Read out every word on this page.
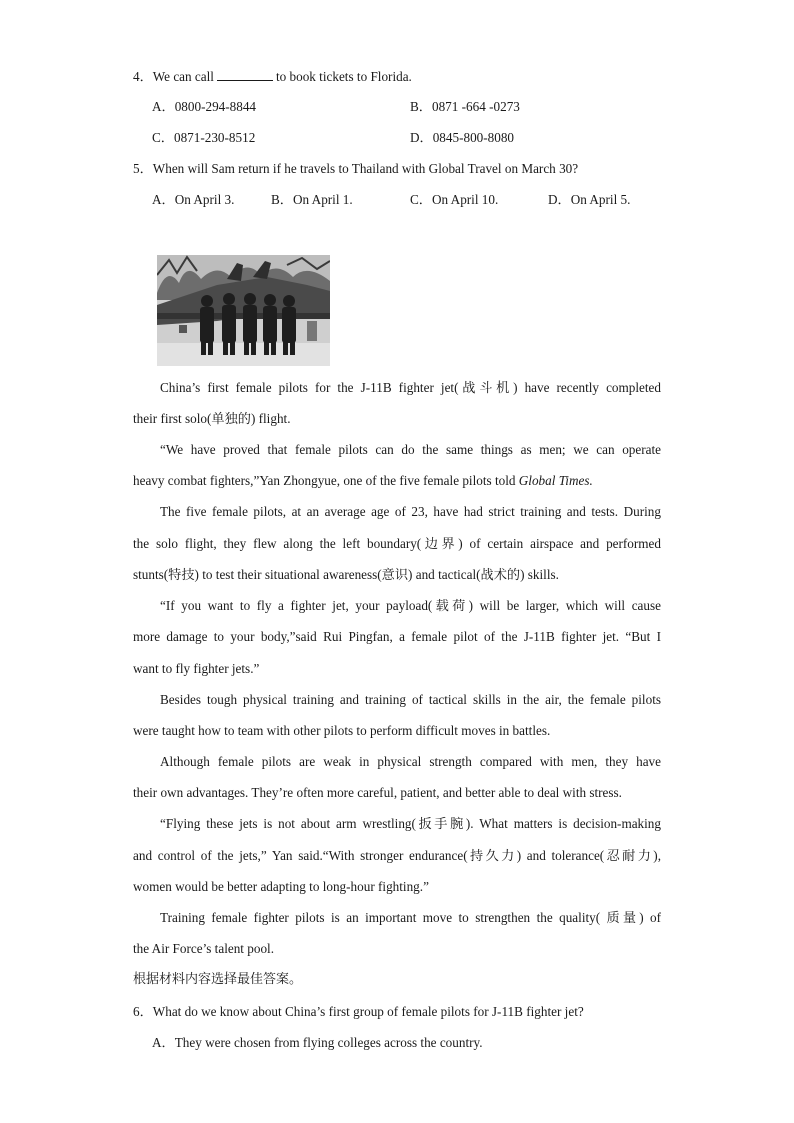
4．We can call	to book tickets to Florida.
A．0800-294-8844	B．0871 -664 -0273
C．0871-230-8512	D．0845-800-8080
5．When will Sam return if he travels to Thailand with Global Travel on March 30?
A．On April 3.	B．On April 1.	C．On April 10.	D．On April 5.
China’s first female pilots for the J-11B fighter jet(战斗机) have recently completed
their first solo(单独的) flight.
“We have proved that female pilots can do the same things as men; we can operate
heavy combat fighters,”Yan Zhongyue, one of the five female pilots told Global Times.
The five female pilots, at an average age of 23, have had strict training and tests. During
the solo flight, they flew along the left boundary(边界) of certain airspace and performed
stunts(特技) to test their situational awareness(意识) and tactical(战术的) skills.
“If you want to fly a fighter jet, your payload(载荷) will be larger, which will cause
more damage to your body,”said Rui Pingfan, a female pilot of the J-11B fighter jet. “But I
want to fly fighter jets.”
Besides tough physical training and training of tactical skills in the air, the female pilots
were taught how to team with other pilots to perform difficult moves in battles.
Although female pilots are weak in physical strength compared with men, they have
their own advantages. They’re often more careful, patient, and better able to deal with stress.
“Flying these jets is not about arm wrestling(扳手腕). What matters is decision-making
and control of the jets,” Yan said.“With stronger endurance(持久力) and tolerance(忍耐力),
women would be better adapting to long-hour fighting.”
Training female fighter pilots is an important move to strengthen the quality( 质量) of
the Air Force’s talent pool.
根据材料内容选择最佳答案。
6．What do we know about China’s first group of female pilots for J-11B fighter jet?
A．They were chosen from flying colleges across the country.
